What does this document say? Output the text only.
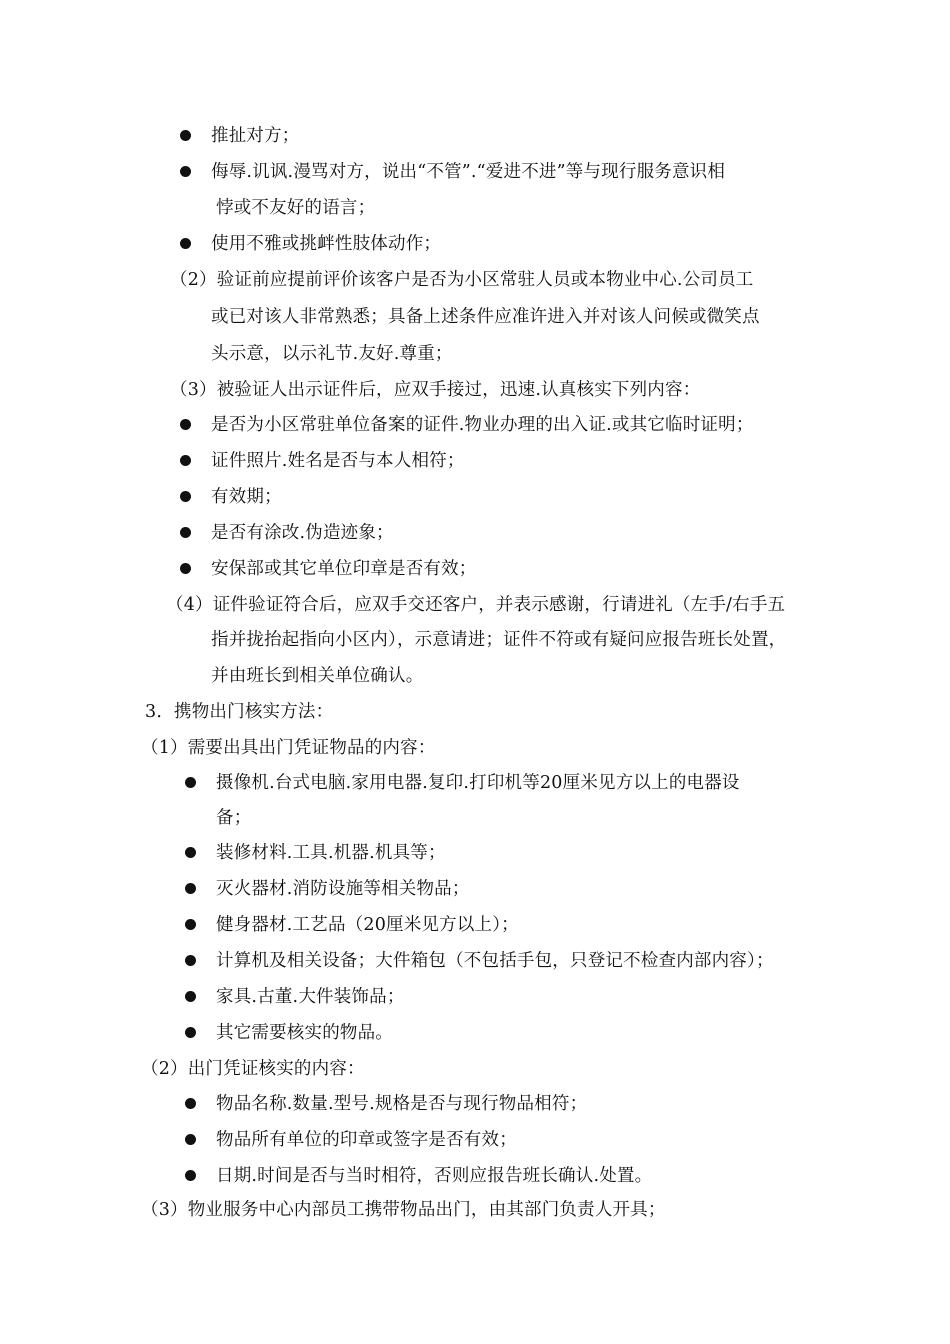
推扯对方；
侮辱.讥讽.漫骂对方，说出“不管”.“爱进不进”等与现行服务意识相
悖或不友好的语言；
使用不雅或挑衅性肢体动作；
（2）验证前应提前评价该客户是否为小区常驻人员或本物业中心.公司员工
或已对该人非常熟悉；具备上述条件应准许进入并对该人问候或微笑点
头示意，以示礼节.友好.尊重；
（3）被验证人出示证件后，应双手接过，迅速.认真核实下列内容：
是否为小区常驻单位备案的证件.物业办理的出入证.或其它临时证明；
证件照片.姓名是否与本人相符；
有效期；
是否有涂改.伪造迹象；
安保部或其它单位印章是否有效；
（4）证件验证符合后，应双手交还客户，并表示感谢，行请进礼（左手/右手五
指并拢抬起指向小区内），示意请进；证件不符或有疑问应报告班长处置，
并由班长到相关单位确认。
3．携物出门核实方法：
（1）需要出具出门凭证物品的内容：
摄像机.台式电脑.家用电器.复印.打印机等20厘米见方以上的电器设
备；
装修材料.工具.机器.机具等；
灭火器材.消防设施等相关物品；
健身器材.工艺品（20厘米见方以上）；
计算机及相关设备；大件箱包（不包括手包，只登记不检查内部内容）；
家具.古董.大件装饰品；
其它需要核实的物品。
（2）出门凭证核实的内容：
物品名称.数量.型号.规格是否与现行物品相符；
物品所有单位的印章或签字是否有效；
日期.时间是否与当时相符，否则应报告班长确认.处置。
（3）物业服务中心内部员工携带物品出门，由其部门负责人开具；
